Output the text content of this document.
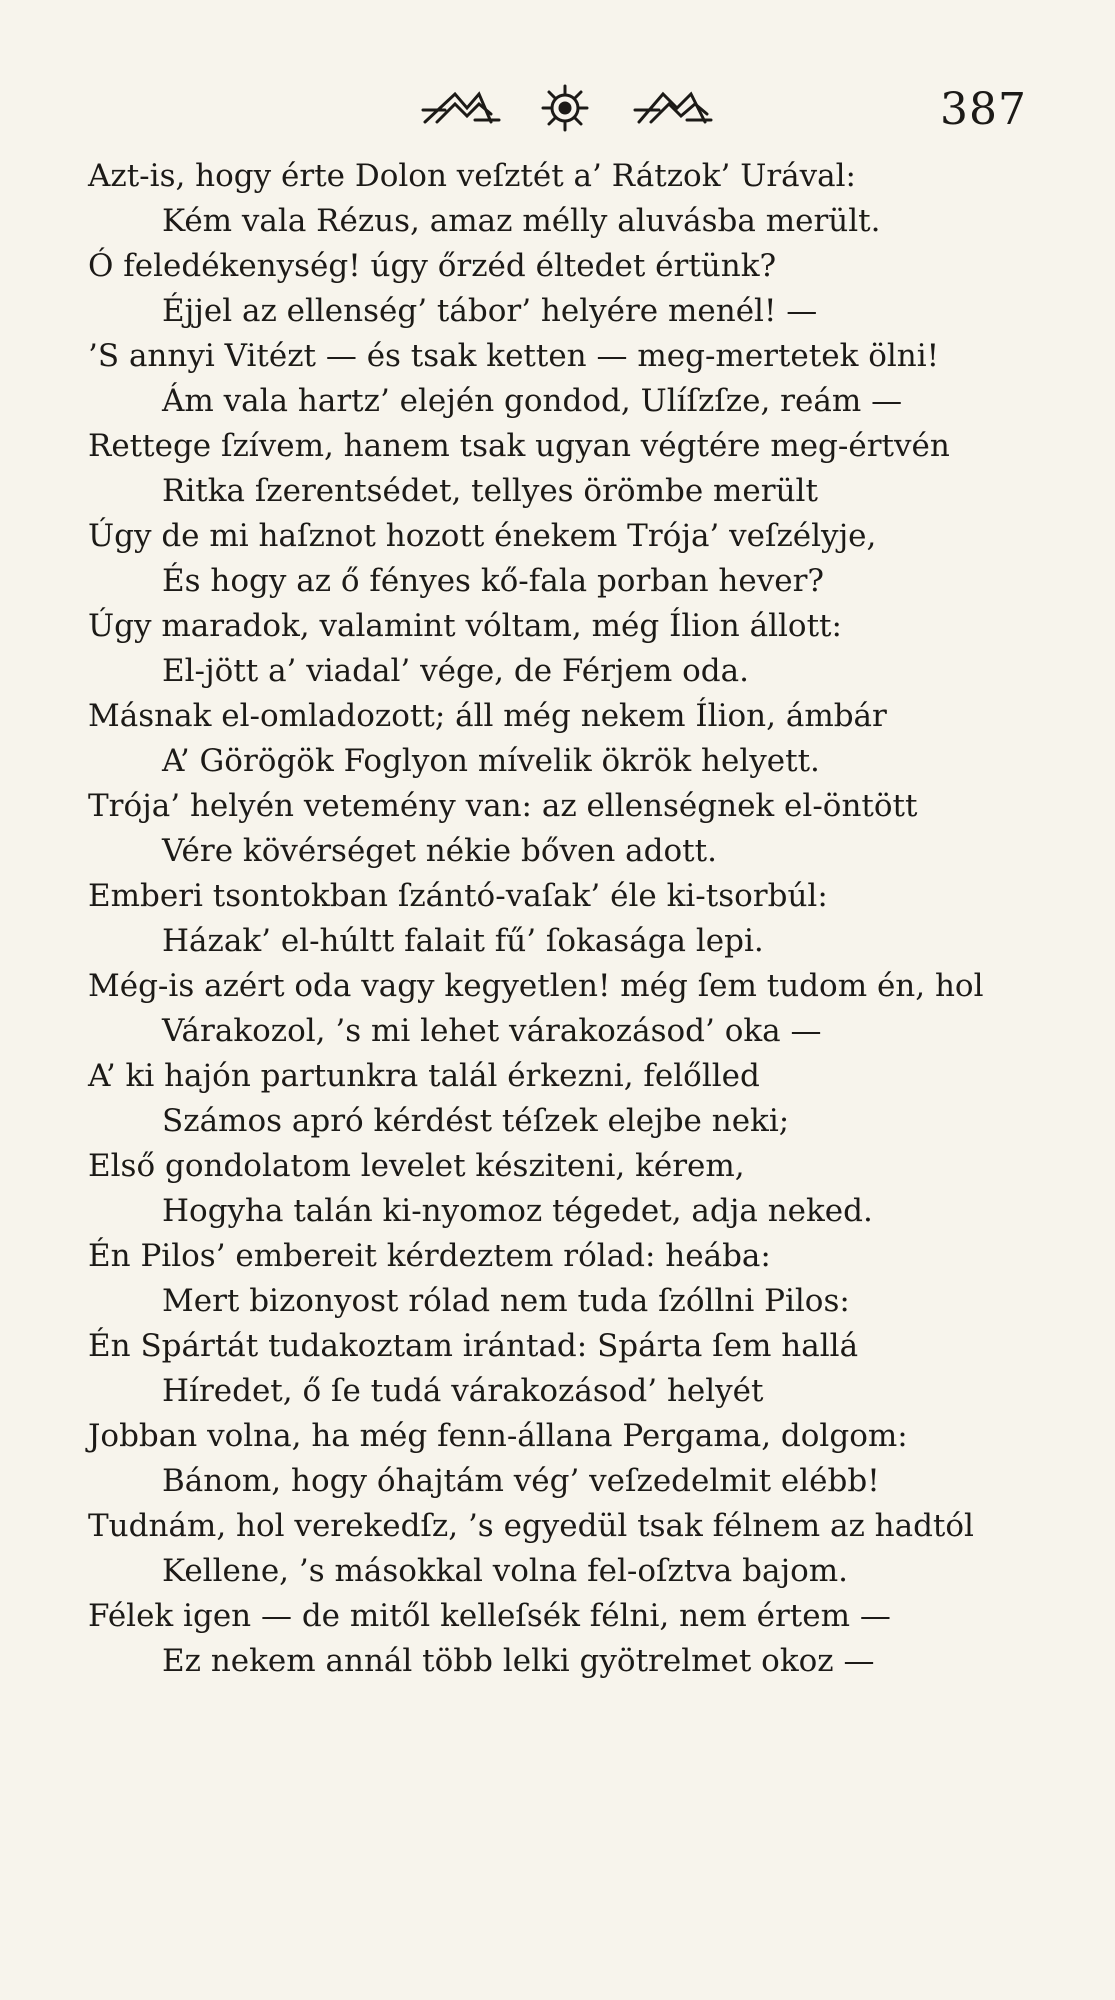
387
Azt-is, hogy érte Dolon veſztét a’ Rátzok’ Urával:
Kém vala Rézus, amaz mélly aluvásba merült.
Ó feledékenység! úgy őrzéd éltedet értünk?
Éjjel az ellenség’ tábor’ helyére menél! —
’S annyi Vitézt — és tsak ketten — meg-mertetek ölni!
Ám vala hartz’ elején gondod, Ulíſzſze, reám —
Rettege ſzívem, hanem tsak ugyan végtére meg-értvén
Ritka ſzerentsédet, tellyes örömbe merült
Úgy de mi haſznot hozott énekem Trója’ veſzélyje,
És hogy az ő fényes kő-fala porban hever?
Úgy maradok, valamint vóltam, még Ílion állott:
El-jött a’ viadal’ vége, de Férjem oda.
Másnak el-omladozott; áll még nekem Ílion, ámbár
A’ Görögök Foglyon mívelik ökrök helyett.
Trója’ helyén vetemény van: az ellenségnek el-öntött
Vére kövérséget nékie bőven adott.
Emberi tsontokban ſzántó-vaſak’ éle ki-tsorbúl:
Házak’ el-húltt falait fű’ ſokasága lepi.
Még-is azért oda vagy kegyetlen! még ſem tudom én, hol
Várakozol, ’s mi lehet várakozásod’ oka —
A’ ki hajón partunkra talál érkezni, felőlled
Számos apró kérdést téſzek elejbe neki;
Első gondolatom levelet késziteni, kérem,
Hogyha talán ki-nyomoz tégedet, adja neked.
Én Pilos’ embereit kérdeztem rólad: heába:
Mert bizonyost rólad nem tuda ſzóllni Pilos:
Én Spártát tudakoztam irántad: Spárta ſem hallá
Híredet, ő ſe tudá várakozásod’ helyét
Jobban volna, ha még fenn-állana Pergama, dolgom:
Bánom, hogy óhajtám vég’ veſzedelmit elébb!
Tudnám, hol verekedſz, ’s egyedül tsak félnem az hadtól
Kellene, ’s másokkal volna fel-oſztva bajom.
Félek igen — de mitől kelleſsék félni, nem értem —
Ez nekem annál több lelki gyötrelmet okoz —
